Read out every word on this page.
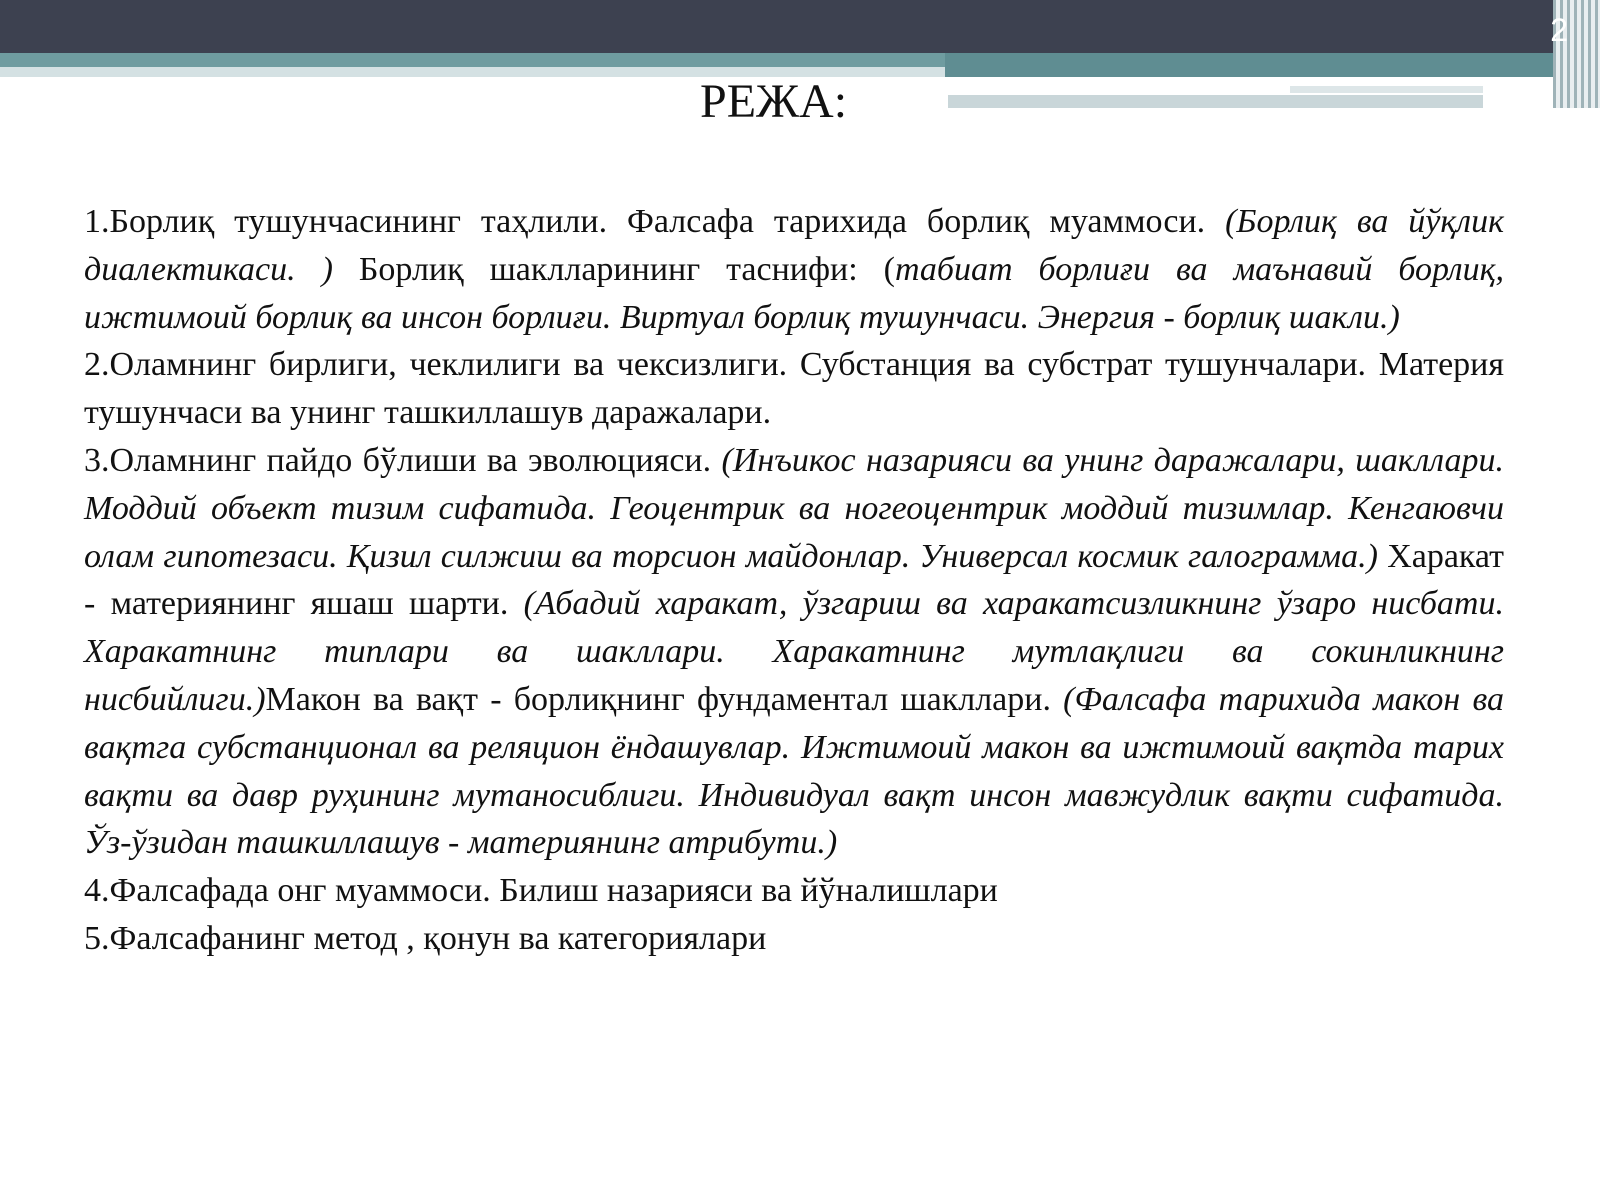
2
РЕЖА:

1.Борлиқ тушунчасининг таҳлили. Фалсафа тарихида борлиқ муаммоси. (Борлиқ ва йўқлик диалектикаси. ) Борлиқ шаклларининг таснифи: (табиат борлиғи ва маънавий борлиқ, ижтимоий борлиқ ва инсон борлиғи. Виртуал борлиқ тушунчаси. Энергия - борлиқ шакли.)

2.Оламнинг бирлиги, чеклилиги ва чексизлиги. Субстанция ва субстрат тушунчалари. Материя тушунчаси ва унинг ташкиллашув даражалари.

3.Оламнинг пайдо бўлиши ва эволюцияси. (Инъикос назарияси ва унинг даражалари, шакллари. Моддий объект тизим сифатида. Геоцентрик ва ногеоцентрик моддий тизимлар. Кенгаювчи олам гипотезаси. Қизил силжиш ва торсион майдонлар. Универсал космик галограмма.) Харакат - материянинг яшаш шарти. (Абадий харакат, ўзгариш ва харакатсизликнинг ўзаро нисбати. Харакатнинг типлари ва шакллари. Харакатнинг мутлақлиги ва сокинликнинг нисбийлиги.)Макон ва вақт - борлиқнинг фундаментал шакллари. (Фалсафа тарихида макон ва вақтга субстанционал ва реляцион ёндашувлар. Ижтимоий макон ва ижтимоий вақтда тарих вақти ва давр руҳининг мутаносиблиги. Индивидуал вақт инсон мавжудлик вақти сифатида. Ўз-ўзидан ташкиллашув - материянинг атрибути.)

4.Фалсафада онг муаммоси. Билиш назарияси ва йўналишлари

5.Фалсафанинг метод , қонун ва категориялари
